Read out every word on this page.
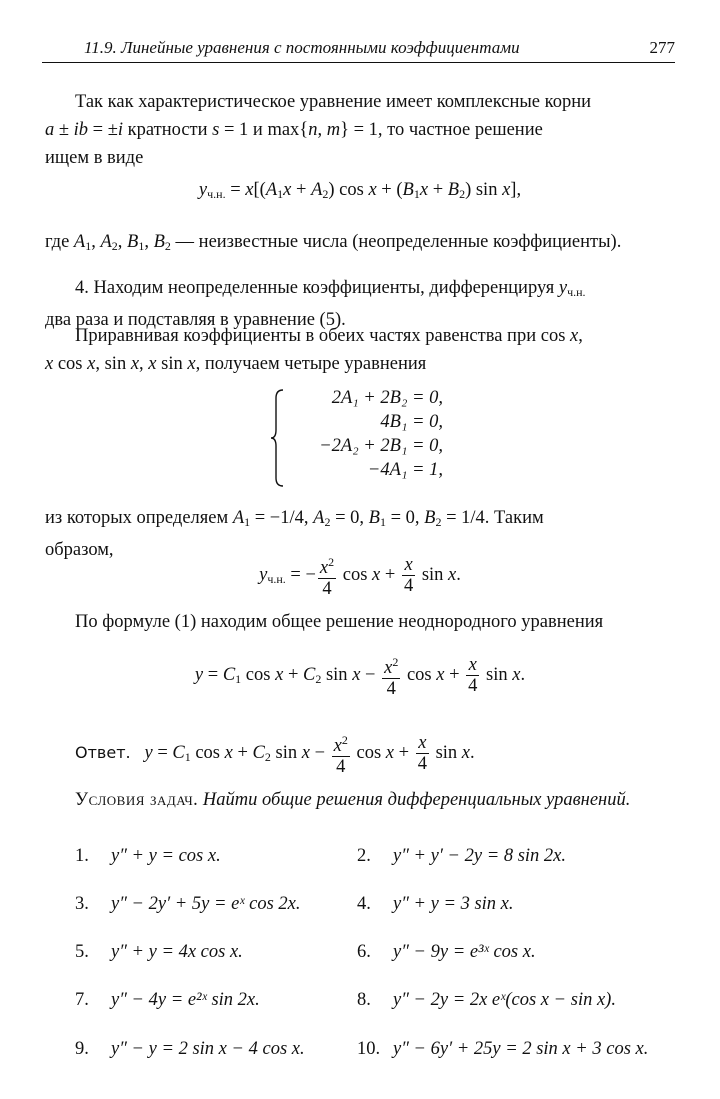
11.9. Линейные уравнения с постоянными коэффициентами	277
Так как характеристическое уравнение имеет комплексные корни

a ± ib = ±i кратности s = 1 и max{n, m} = 1, то частное решение
ищем в виде
$y_{ч.н.} = x[(A_1x + A_2)$ $\cos x + (B_1x + B_2)$ sin x],
где $A_1$, $A_2$, $B_1$, $B_2$ — неизвестные числа (неопределенные коэффициенты).
4. Находим неопределенные коэффициенты, дифференцируя $y_{ч.н.}$
два раза и подставляя в уравнение (5).
Приравнивая коэффициенты в обеих частях равенства при cos x,
x cos x, sin x, x sin x, получаем четыре уравнения
2A₁ + 2B₂ = 0,
4B₁ = 0,
−2A₂ + 2B₁ = 0,
−4A₁ = 1,
из которых определяем $A_1 = -1/4$, $A_2 = 0$, $B_1 = 0$, $B_2 = 1/4$. Таким
образом,
$y_{ч.н.}$ = − $\frac{x^2}{4}$ $\cos x + \frac{x}{4}$ sin x.
По формуле (1) находим общее решение неоднородного уравнения
$y = C_1$ $\cos x + C_2$ $\sin x - \frac{x^2}{4}$ $\cos x + \frac{x}{4}$ sin x.
Ответ. $y = C_1$ $\cos x + C_2$ $\sin x - \frac{x^2}{4}$ $\cos x + \frac{x}{4}$ sin x.
Условия задач. Найти общие решения дифференциальных уравнений.
1. y″ + y = cos x.	2. y″ + y′ − 2y = 8 sin 2x.
3. y″ − 2y′ + 5y = eˣ cos 2x.	4. y″ + y = 3 sin x.
5. y″ + y = 4x cos x.	6. y″ − 9y = e³ˣ cos x.
7. y″ − 4y = e²ˣ sin 2x.	8. y″ − 2y = 2x eˣ(cos x − sin x).
9. y″ − y = 2 sin x − 4 cos x.	10. y″ − 6y′ + 25y = 2 sin x + 3 cos x.
